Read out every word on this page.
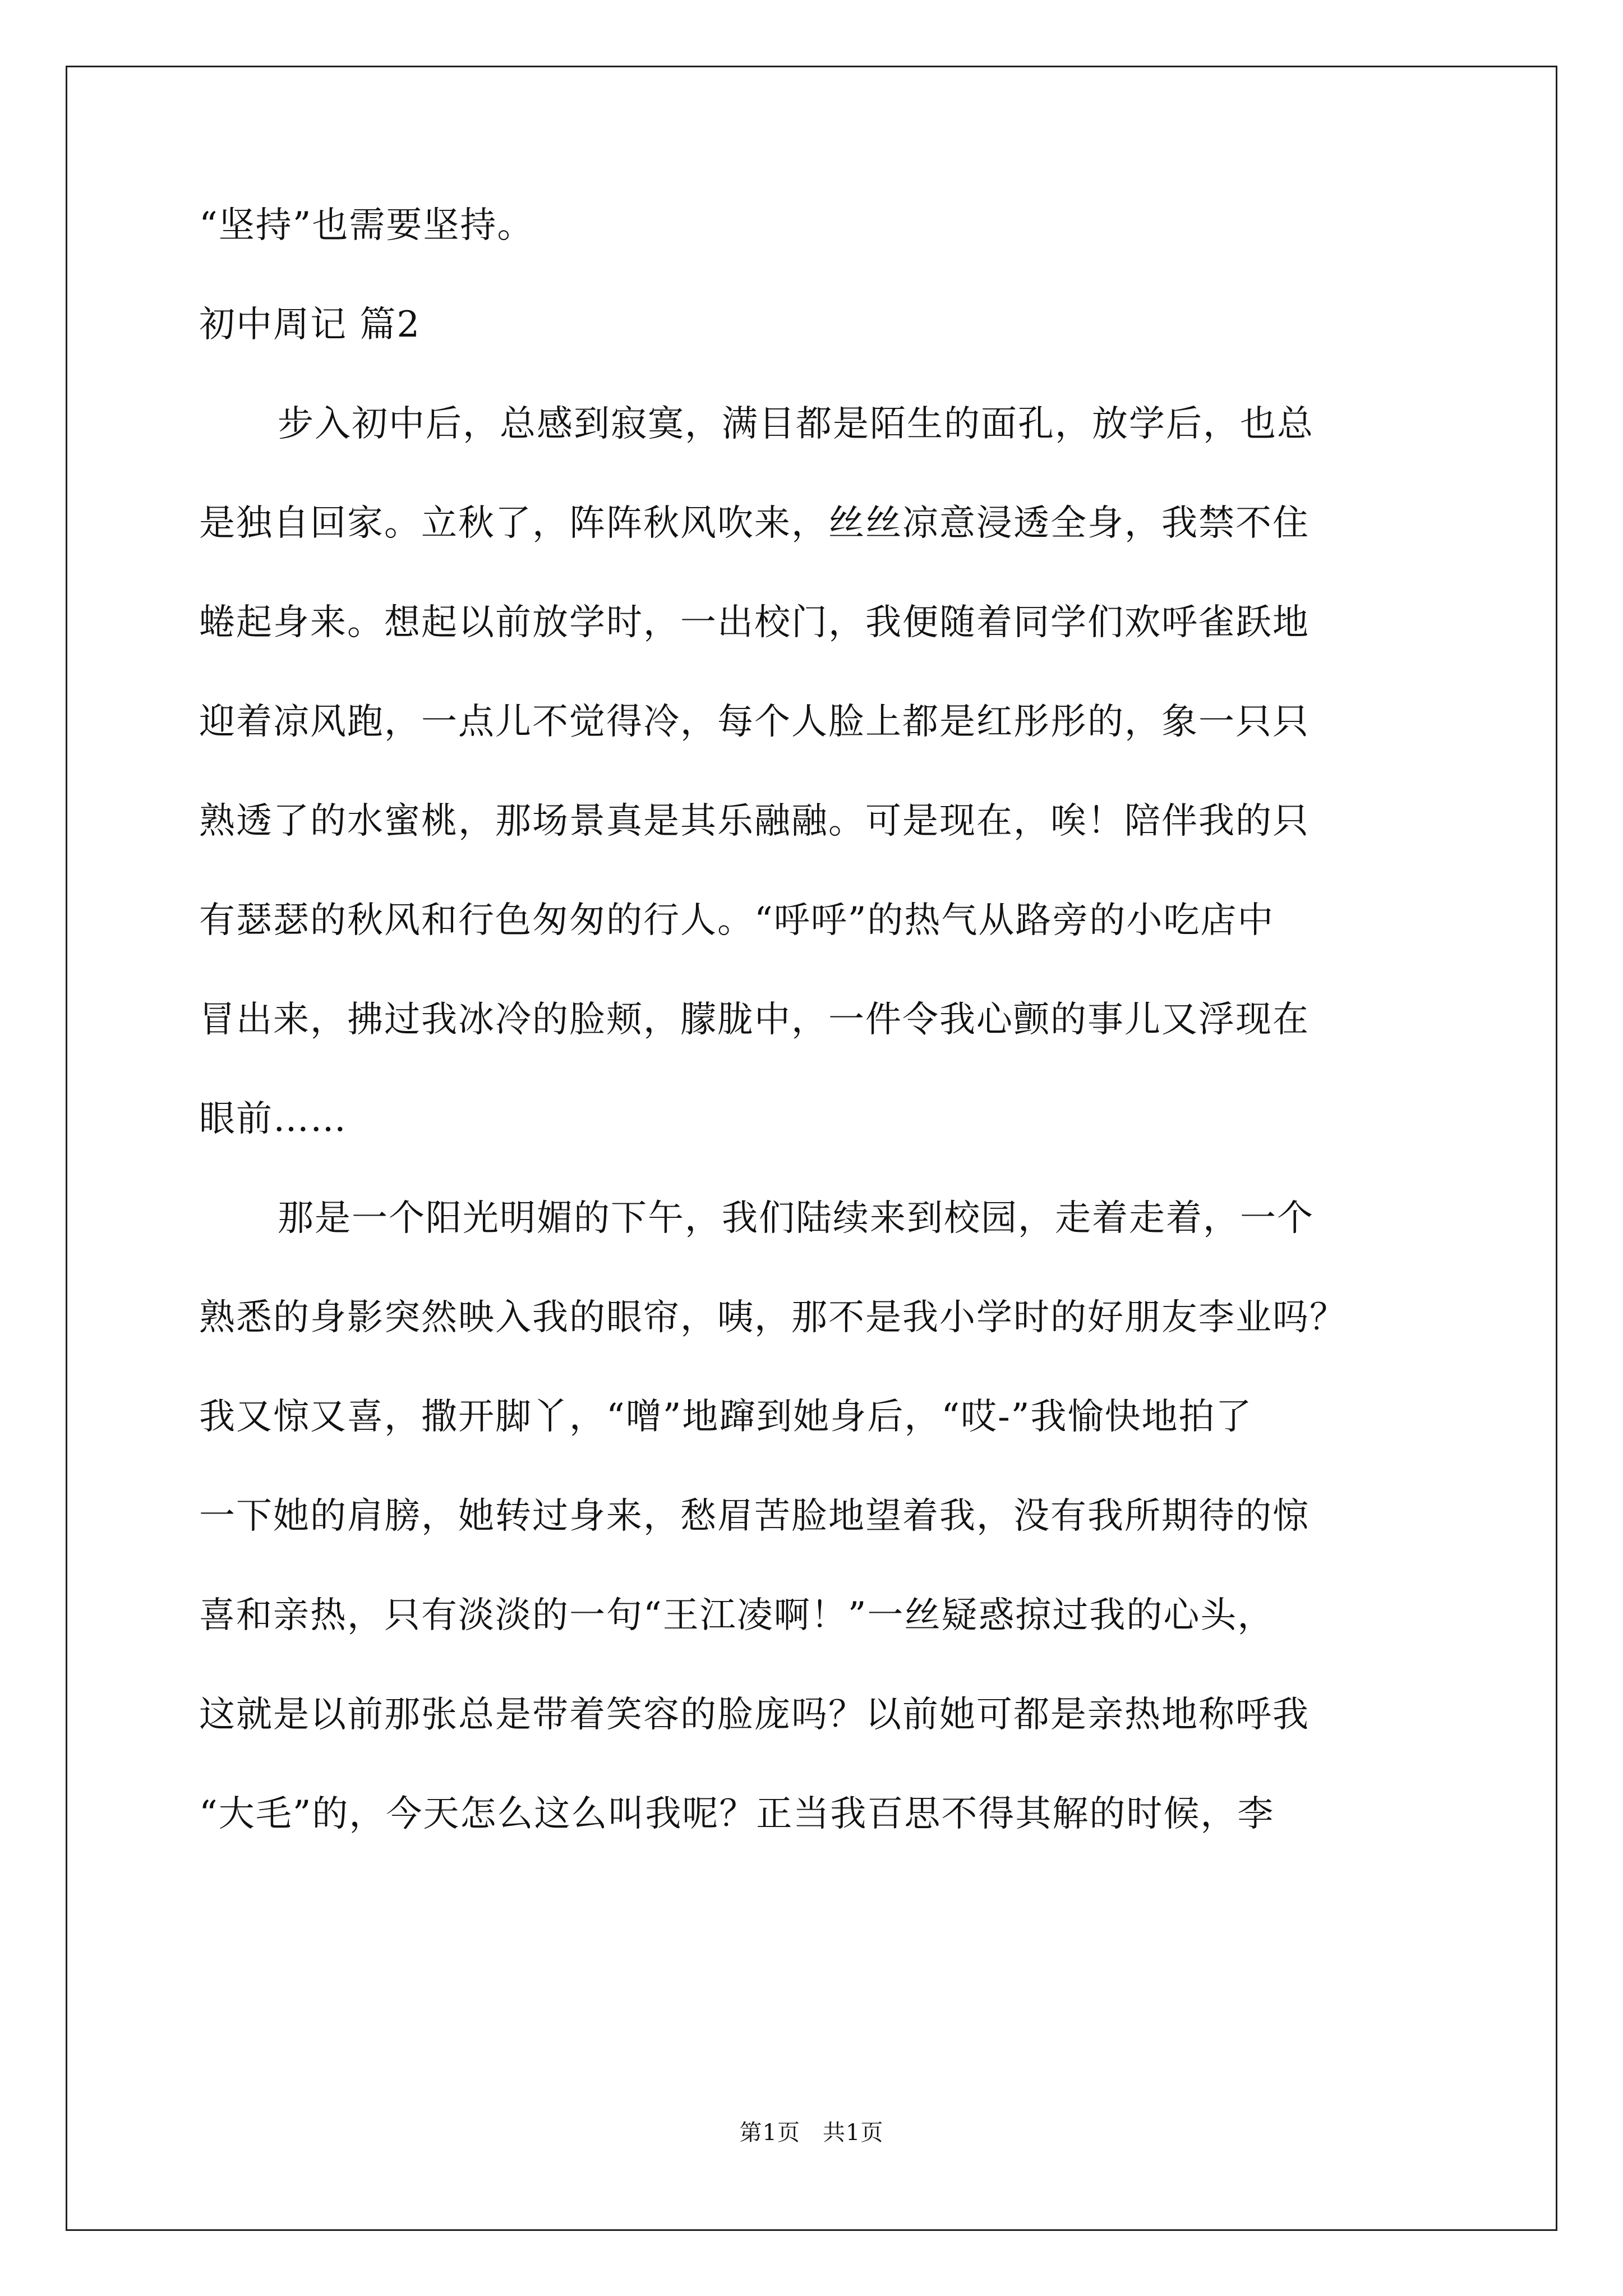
“坚持”也需要坚持。
初中周记 篇2
步入初中后，总感到寂寞，满目都是陌生的面孔，放学后，也总
是独自回家。立秋了，阵阵秋风吹来，丝丝凉意浸透全身，我禁不住
蜷起身来。想起以前放学时，一出校门，我便随着同学们欢呼雀跃地
迎着凉风跑，一点儿不觉得冷，每个人脸上都是红彤彤的，象一只只
熟透了的水蜜桃，那场景真是其乐融融。可是现在，唉！陪伴我的只
有瑟瑟的秋风和行色匆匆的行人。“呼呼”的热气从路旁的小吃店中
冒出来，拂过我冰冷的脸颊，朦胧中，一件令我心颤的事儿又浮现在
眼前……
那是一个阳光明媚的下午，我们陆续来到校园，走着走着，一个
熟悉的身影突然映入我的眼帘，咦，那不是我小学时的好朋友李业吗？
我又惊又喜，撒开脚丫，“噌”地蹿到她身后，“哎-”我愉快地拍了
一下她的肩膀，她转过身来，愁眉苦脸地望着我，没有我所期待的惊
喜和亲热，只有淡淡的一句“王江凌啊！”一丝疑惑掠过我的心头，
这就是以前那张总是带着笑容的脸庞吗？以前她可都是亲热地称呼我
“大毛”的，今天怎么这么叫我呢？正当我百思不得其解的时候，李
第1页 共1页
